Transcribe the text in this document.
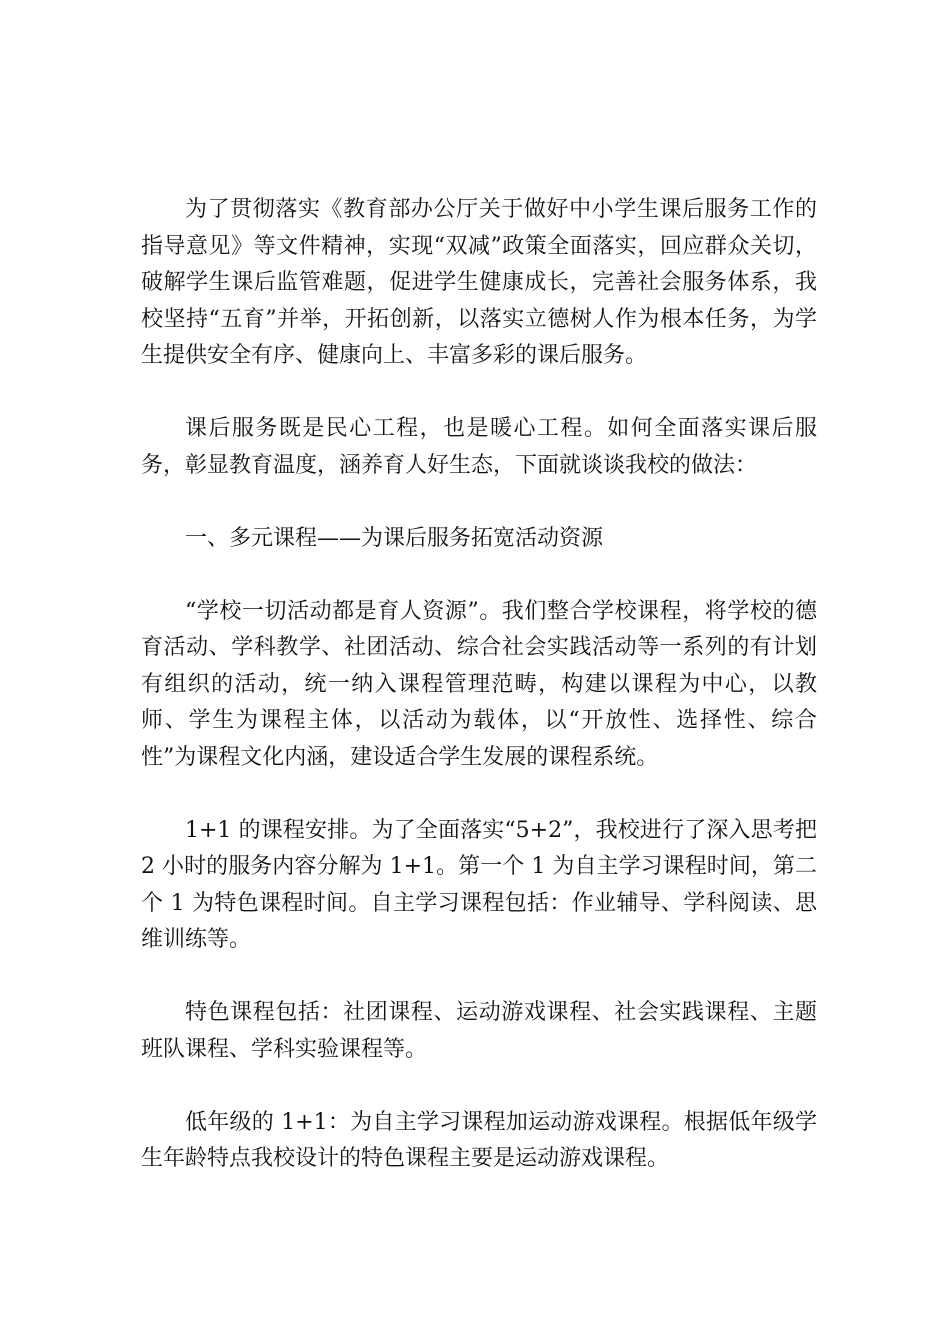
为了贯彻落实《教育部办公厅关于做好中小学生课后服务工作的指导意见》等文件精神，实现“双减”政策全面落实，回应群众关切，破解学生课后监管难题，促进学生健康成长，完善社会服务体系，我校坚持“五育”并举，开拓创新，以落实立德树人作为根本任务，为学生提供安全有序、健康向上、丰富多彩的课后服务。

课后服务既是民心工程，也是暖心工程。如何全面落实课后服务，彰显教育温度，涵养育人好生态，下面就谈谈我校的做法：

一、多元课程——为课后服务拓宽活动资源

“学校一切活动都是育人资源”。我们整合学校课程，将学校的德育活动、学科教学、社团活动、综合社会实践活动等一系列的有计划有组织的活动，统一纳入课程管理范畴，构建以课程为中心，以教师、学生为课程主体，以活动为载体，以“开放性、选择性、综合性”为课程文化内涵，建设适合学生发展的课程系统。

1+1 的课程安排。为了全面落实“5+2”，我校进行了深入思考把 2 小时的服务内容分解为 1+1。第一个 1 为自主学习课程时间，第二个 1 为特色课程时间。自主学习课程包括：作业辅导、学科阅读、思维训练等。

特色课程包括：社团课程、运动游戏课程、社会实践课程、主题班队课程、学科实验课程等。

低年级的 1+1：为自主学习课程加运动游戏课程。根据低年级学生年龄特点我校设计的特色课程主要是运动游戏课程。
